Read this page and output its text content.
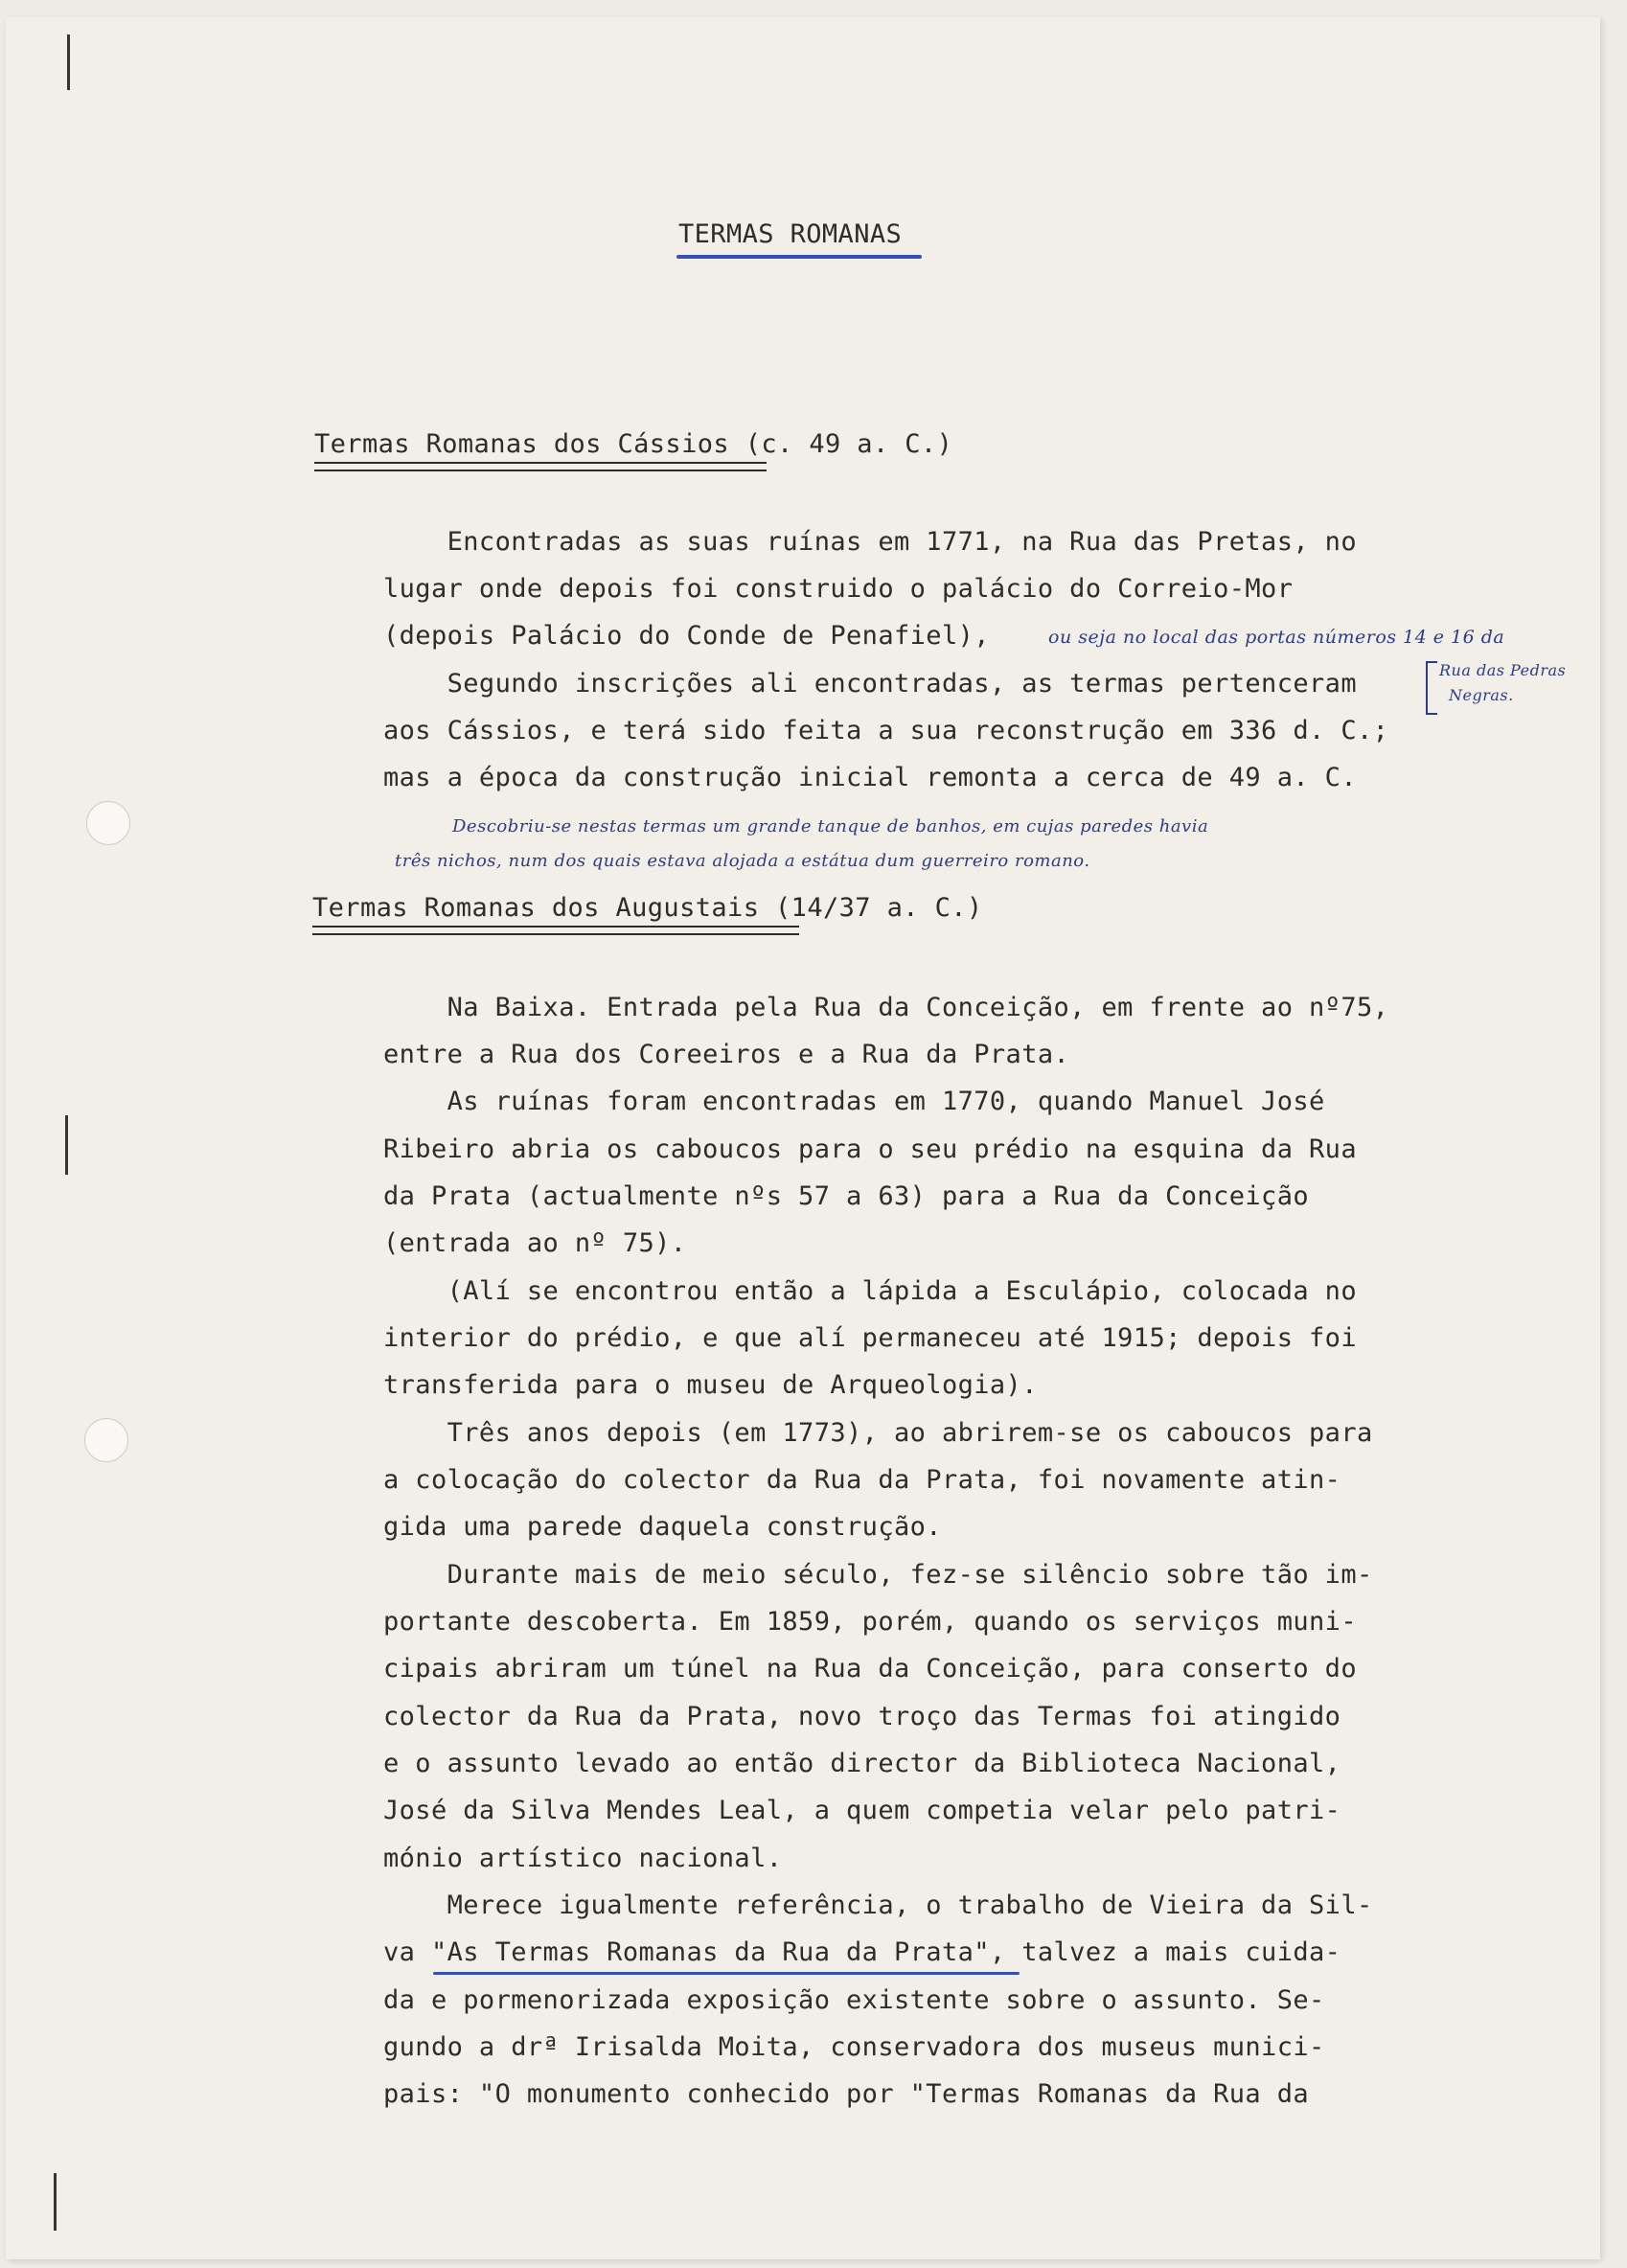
TERMAS ROMANAS
Termas Romanas dos Cássios (c. 49 a. C.)
Encontradas as suas ruínas em 1771, na Rua das Pretas, no
lugar onde depois foi construido o palácio do Correio-Mor
(depois Palácio do Conde de Penafiel),	ou seja no local das portas números 14 e 16 da
Segundo inscrições ali encontradas, as termas pertenceram	Rua das Pedras
Negras.
aos Cássios, e terá sido feita a sua reconstrução em 336 d. C.;
mas a época da construção inicial remonta a cerca de 49 a. C.
Descobriu-se nestas termas um grande tanque de banhos, em cujas paredes havia
três nichos, num dos quais estava alojada a estátua dum guerreiro romano.
Termas Romanas dos Augustais (14/37 a. C.)
Na Baixa. Entrada pela Rua da Conceição, em frente ao nº75,
entre a Rua dos Coreeiros e a Rua da Prata.
As ruínas foram encontradas em 1770, quando Manuel José
Ribeiro abria os caboucos para o seu prédio na esquina da Rua
da Prata (actualmente nºs 57 a 63) para a Rua da Conceição
(entrada ao nº 75).
(Alí se encontrou então a lápida a Esculápio, colocada no
interior do prédio, e que alí permaneceu até 1915; depois foi
transferida para o museu de Arqueologia).
Três anos depois (em 1773), ao abrirem-se os caboucos para
a colocação do colector da Rua da Prata, foi novamente atin-
gida uma parede daquela construção.
Durante mais de meio século, fez-se silêncio sobre tão im-
portante descoberta. Em 1859, porém, quando os serviços muni-
cipais abriram um túnel na Rua da Conceição, para conserto do
colector da Rua da Prata, novo troço das Termas foi atingido
e o assunto levado ao então director da Biblioteca Nacional,
José da Silva Mendes Leal, a quem competia velar pelo patri-
mónio artístico nacional.
Merece igualmente referência, o trabalho de Vieira da Sil-
va "As Termas Romanas da Rua da Prata", talvez a mais cuida-
da e pormenorizada exposição existente sobre o assunto. Se-
gundo a drª Irisalda Moita, conservadora dos museus munici-
pais: "O monumento conhecido por "Termas Romanas da Rua da
